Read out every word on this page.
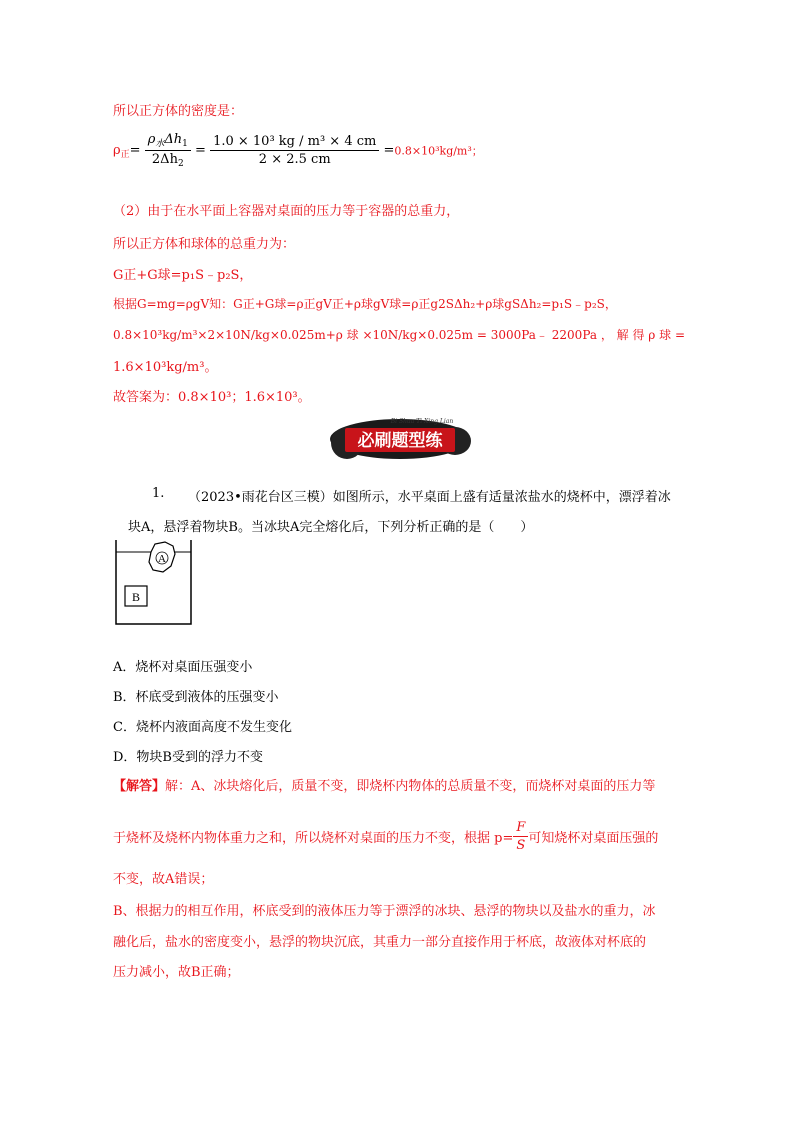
所以正方体的密度是：
$\rho_正= \frac{\rho_水\Delta h_1}{2\Delta h_2} = \frac{\text{1.0 × 10³ kg / m³ × 4 cm}}{2 \times 2.5 cm} =0.8\times 10^3kg/m^3$；
（2）由于在水平面上容器对桌面的压力等于容器的总重力，
所以正方体和球体的总重力为：
G正+G球=p₁S﹣p₂S，
根据G=mg=ρgV知：G正+G球=ρ正gV正+ρ球gV球=ρ正g2SΔh₂+ρ球gSΔh₂=p₁S﹣p₂S，
0.8×10³kg/m³×2×10N/kg×0.025m+ρ 球 ×10N/kg×0.025m = 3000Pa﹣ 2200Pa ， 解 得 ρ 球 =
1.6×10³kg/m³。
故答案为：0.8×10³；1.6×10³。
必刷题型练
Bi Shua Ti Xing Lian
1. （2023•雨花台区三模）如图所示，水平桌面上盛有适量浓盐水的烧杯中，漂浮着冰
块A，悬浮着物块B。当冰块A完全熔化后，下列分析正确的是（　　）
A
B
A．烧杯对桌面压强变小
B．杯底受到液体的压强变小
C．烧杯内液面高度不发生变化
D．物块B受到的浮力不变
【解答】解：A、冰块熔化后，质量不变，即烧杯内物体的总质量不变，而烧杯对桌面的压力等
于烧杯及烧杯内物体重力之和，所以烧杯对桌面的压力不变，根据 $p= \frac{F}{S}$ 可知烧杯对桌面压强的
不变，故A错误；
B、根据力的相互作用，杯底受到的液体压力等于漂浮的冰块、悬浮的物块以及盐水的重力，冰
融化后，盐水的密度变小，悬浮的物块沉底，其重力一部分直接作用于杯底，故液体对杯底的
压力减小，故B正确；
